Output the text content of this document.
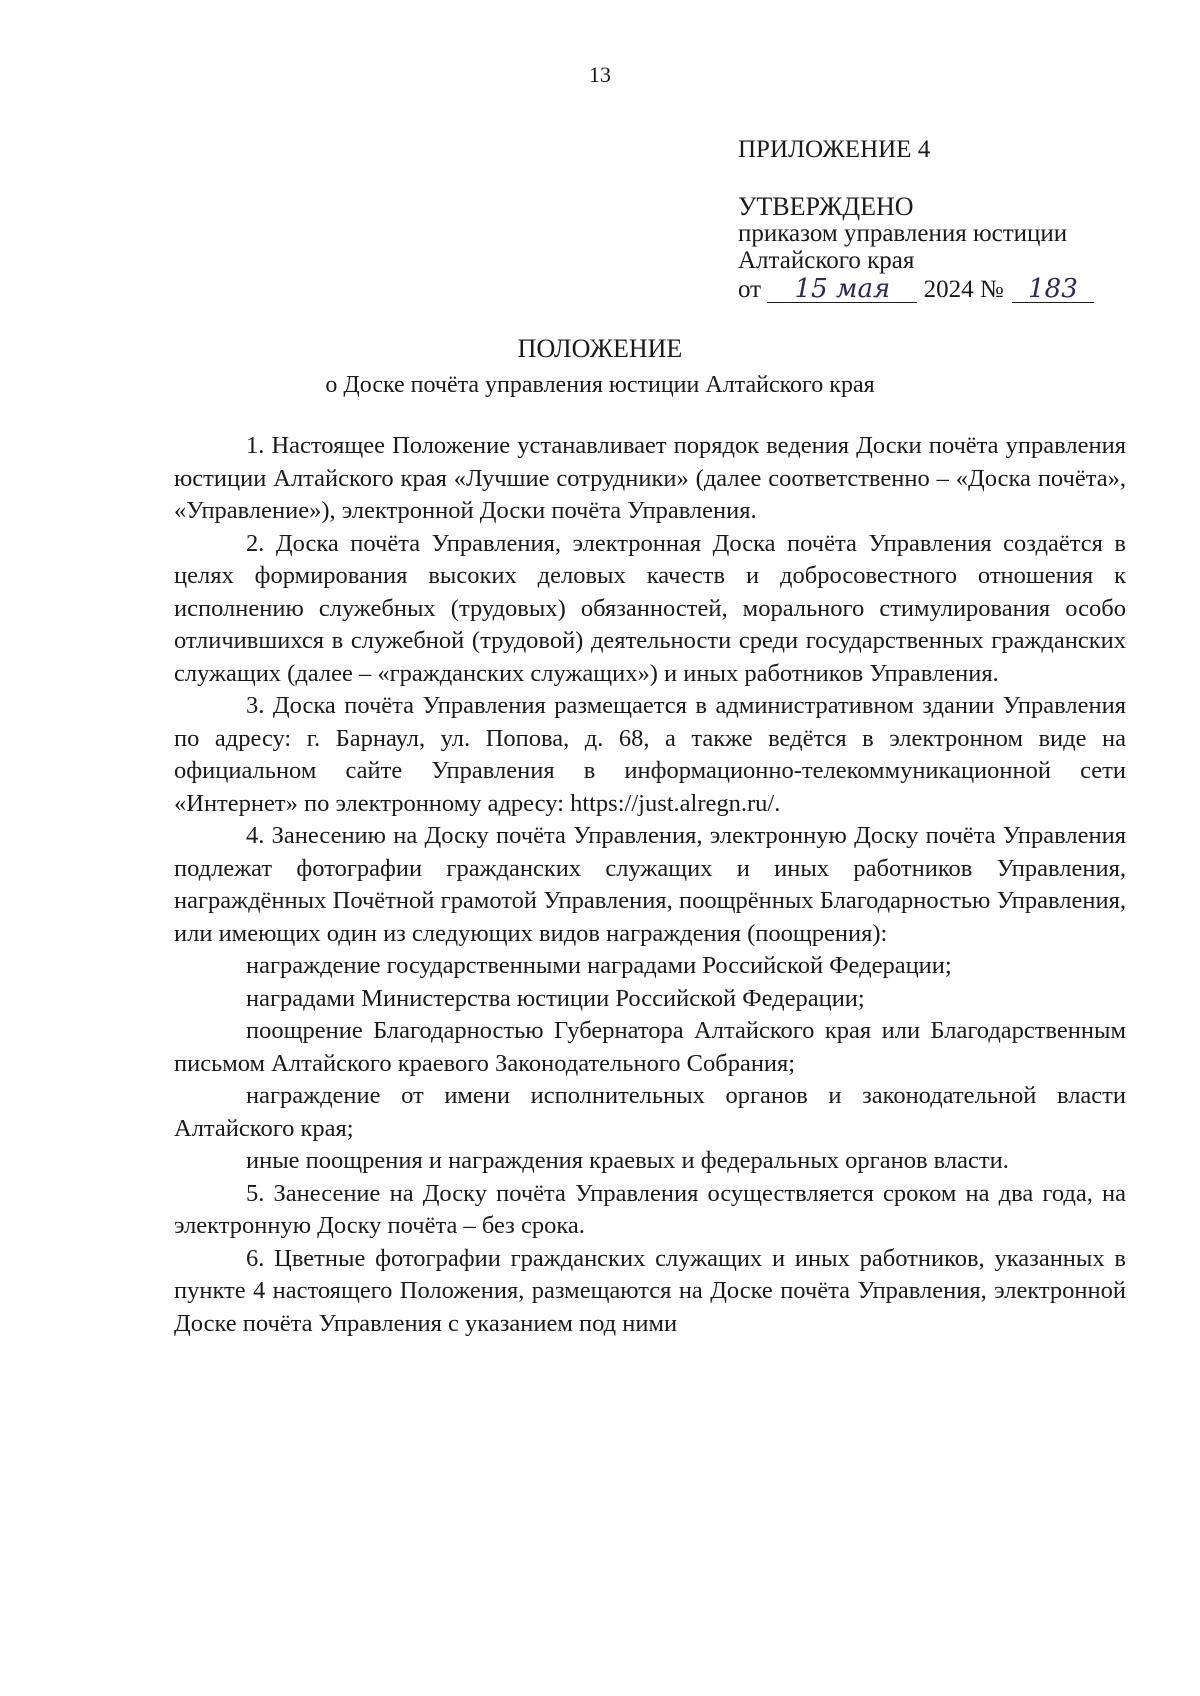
13
ПРИЛОЖЕНИЕ 4
УТВЕРЖДЕНО
приказом управления юстиции
Алтайского края
от 15 мая 2024 № 183
ПОЛОЖЕНИЕ
о Доске почёта управления юстиции Алтайского края

1. Настоящее Положение устанавливает порядок ведения Доски почёта управления юстиции Алтайского края «Лучшие сотрудники» (далее соответственно – «Доска почёта», «Управление»), электронной Доски почёта Управления.

2. Доска почёта Управления, электронная Доска почёта Управления создаётся в целях формирования высоких деловых качеств и добросовестного отношения к исполнению служебных (трудовых) обязанностей, морального стимулирования особо отличившихся в служебной (трудовой) деятельности среди государственных гражданских служащих (далее – «гражданских служащих») и иных работников Управления.

3. Доска почёта Управления размещается в административном здании Управления по адресу: г. Барнаул, ул. Попова, д. 68, а также ведётся в электронном виде на официальном сайте Управления в информационно-телекоммуникационной сети «Интернет» по электронному адресу: https://just.alregn.ru/.

4. Занесению на Доску почёта Управления, электронную Доску почёта Управления подлежат фотографии гражданских служащих и иных работников Управления, награждённых Почётной грамотой Управления, поощрённых Благодарностью Управления, или имеющих один из следующих видов награждения (поощрения):

награждение государственными наградами Российской Федерации;

наградами Министерства юстиции Российской Федерации;

поощрение Благодарностью Губернатора Алтайского края или Благодарственным письмом Алтайского краевого Законодательного Собрания;

награждение от имени исполнительных органов и законодательной власти Алтайского края;

иные поощрения и награждения краевых и федеральных органов власти.

5. Занесение на Доску почёта Управления осуществляется сроком на два года, на электронную Доску почёта – без срока.

6. Цветные фотографии гражданских служащих и иных работников, указанных в пункте 4 настоящего Положения, размещаются на Доске почёта Управления, электронной Доске почёта Управления с указанием под ними
